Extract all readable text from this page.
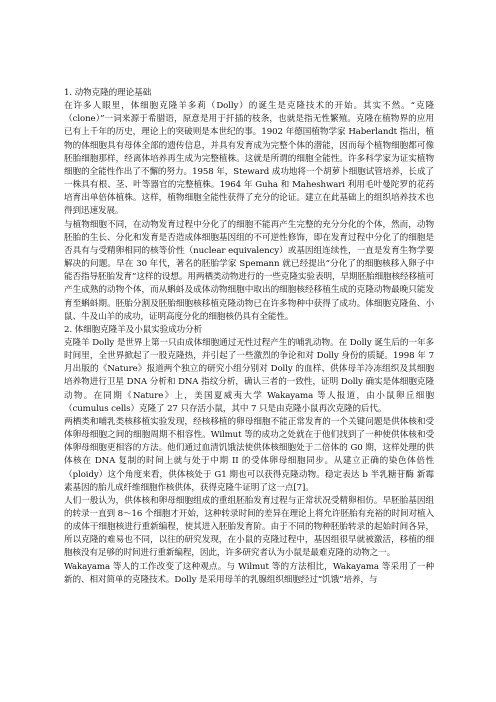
1. 动物克隆的理论基础

在许多人眼里，体细胞克隆羊多莉（Dolly）的诞生是克隆技术的开始。其实不然。“克隆（clone）”一词来源于希腊语，原意是用于扦插的枝条，也就是指无性繁殖。克隆在植物界的应用已有上千年的历史，理论上的突破则是本世纪的事。1902 年德国植物学家 Haberlandt 指出，植物的体细胞具有母体全部的遗传信息，并具有发育成为完整个体的潜能，因而每个植物细胞都可像胚胎细胞那样，经离体培养再生成为完整植株。这就是所谓的细胞全能性。许多科学家为证实植物细胞的全能性作出了不懈的努力。1958 年，Steward 成功地将一个胡萝卜细胞试管培养，长成了一株具有根、茎、叶等器官的完整植株。1964 年 Guha 和 Maheshwari 利用毛叶曼陀罗的花药培育出单倍体植株。这样，植物细胞全能性获得了充分的论证。建立在此基础上的组织培养技术也得到迅速发展。

与植物细胞不同，在动物发育过程中分化了的细胞不能再产生完整的充分分化的个体，然而，动物胚胎的生长、分化和发育是否造成体细胞基因组的不可逆性修饰，即在发育过程中分化了的细胞是否具有与受精卵相同的核等价性（nuclear equivalency）或基因组连续性，一直是发育生物学要解决的问题。早在 30 年代，著名的胚胎学家 Spemann 就已经提出“分化了的细胞核移入卵子中能否指导胚胎发育”这样的设想。用两栖类动物进行的一些克隆实验表明，早期胚胎细胞核经移植可产生成熟的动物个体，而从蝌蚪及成体动物细胞中取出的细胞核经移植生成的克隆动物最晚只能发育至蝌蚪期。胚胎分割及胚胎细胞核移植克隆动物已在许多物种中获得了成功。体细胞克隆鱼、小鼠、牛及山羊的成功，证明高度分化的细胞核仍具有全能性。

2. 体细胞克隆羊及小鼠实验成功分析

克隆羊 Dolly 是世界上第一只由成体细胞通过无性过程产生的哺乳动物。在 Dolly 诞生后的一年多时间里，全世界掀起了一股克隆热，并引起了一些激烈的争论和对 Dolly 身份的质疑。1998 年 7 月出版的《Nature》报道两个独立的研究小组分别对 Dolly 的血样、供体母羊冷冻组织及其细胞培养物进行卫星 DNA 分析和 DNA 指纹分析，确认三者的一致性，证明 Dolly 确实是体细胞克隆动物。在同期《Nature》上，美国夏威夷大学 Wakayama 等人报道，由小鼠卵丘细胞（cumulus cells）克隆了 27 只存活小鼠，其中 7 只是由克隆小鼠再次克隆的后代。

两栖类和哺乳类核移植实验发现，经核移植的卵母细胞不能正常发育的一个关键问题是供体核和受体卵母细胞之间的细胞周期不相容性。Wilmut 等的成功之处就在于他们找到了一种使供体核和受体卵母细胞更相容的方法。他们通过血清饥饿法使供体核细胞处于二倍体的 G0 期，这样处理的供体核在 DNA 复制的时间上就与处于中期 II 的受体卵母细胞同步。从建立正确的染色体倍性（ploidy）这个角度来看，供体核处于 G1 期也可以获得克隆动物。稳定表达 b 半乳糖苷酶 新霉素基因的胎儿成纤维细胞作核供体，获得克隆牛证明了这一点[7]。

人们一般认为，供体核和卵母细胞组成的重组胚胎发育过程与正常状况受精卵相仿。早胚胎基因组的转录一直到 8～16 个细胞才开始，这种转录时间的差异在理论上将允许胚胎有充裕的时间对植入的成体干细胞核进行重新编程，使其进入胚胎发育阶。由于不同的物种胚胎转录的起始时间各异，所以克隆的难易也不同，以往的研究发现，在小鼠的克隆过程中，基因组很早就被激活，移植的细胞核没有足够的时间进行重新编程，因此，许多研究者认为小鼠是最难克隆的动物之一。

Wakayama 等人的工作改变了这种观点。与 Wilmut 等的方法相比，Wakayama 等采用了一种新的、相对简单的克隆技术。Dolly 是采用母羊的乳腺组织细胞经过“饥饿”培养，与
